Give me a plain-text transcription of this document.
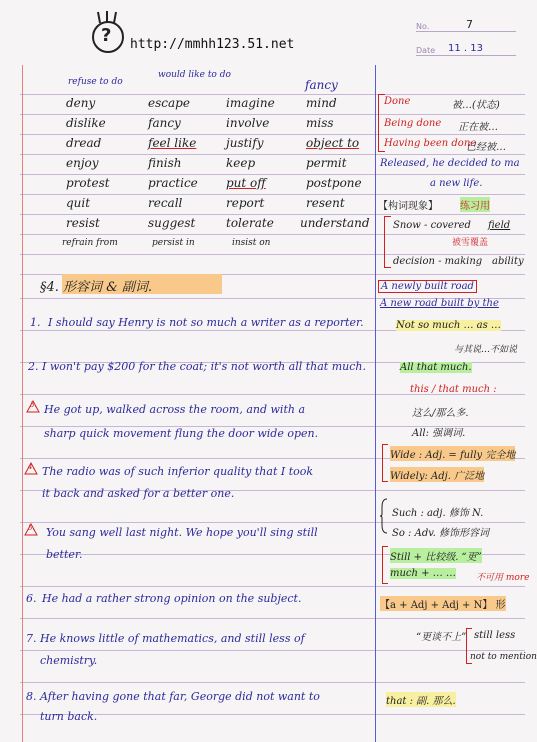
? http://mmhh123.51.net
No.	7
Date 11 . 13
refuse to do
would like to do
fancy
deny
dislike
dread
enjoy
protest
quit
resist
refrain from
escape
fancy
feel like
finish
practice
recall
suggest
persist in
imagine
involve
justify
keep
put off
report
tolerate
insist on
mind
miss
object to
permit
postpone
resent
understand
Done	被…(状态)
Being done 正在被…
Having been done
已经被…
Released, he decided to ma
a new life.
【构词现象】 练习用
Snow - covered field
被雪覆盖
decision - making ability
A newly built road
A new road built by the
§4. 形容词 & 副词.
1. I should say Henry is not so much a writer as a reporter.
2. I won't pay $200 for the coat; it's not worth all that much.
3. He got up, walked across the room, and with a
sharp quick movement flung the door wide open.
4. The radio was of such inferior quality that I took
it back and asked for a better one.
5. You sang well last night. We hope you'll sing still
better.
6. He had a rather strong opinion on the subject.
7. He knows little of mathematics, and still less of
chemistry.
8. After having gone that far, George did not want to
turn back.
Not so much … as …
与其说…不如说
All that much.
this / that much :
这么/那么多.
All: 强调词.
Wide : Adj. = fully 完全地
Widely: Adj. 广泛地
Such : adj. 修饰 N.
So : Adv. 修饰形容词
Still + 比较级. “更”
much + … … 不可用 more
【a + Adj + Adj + N】 形
“更谈不上” still less
not to mention
that : 副. 那么.
